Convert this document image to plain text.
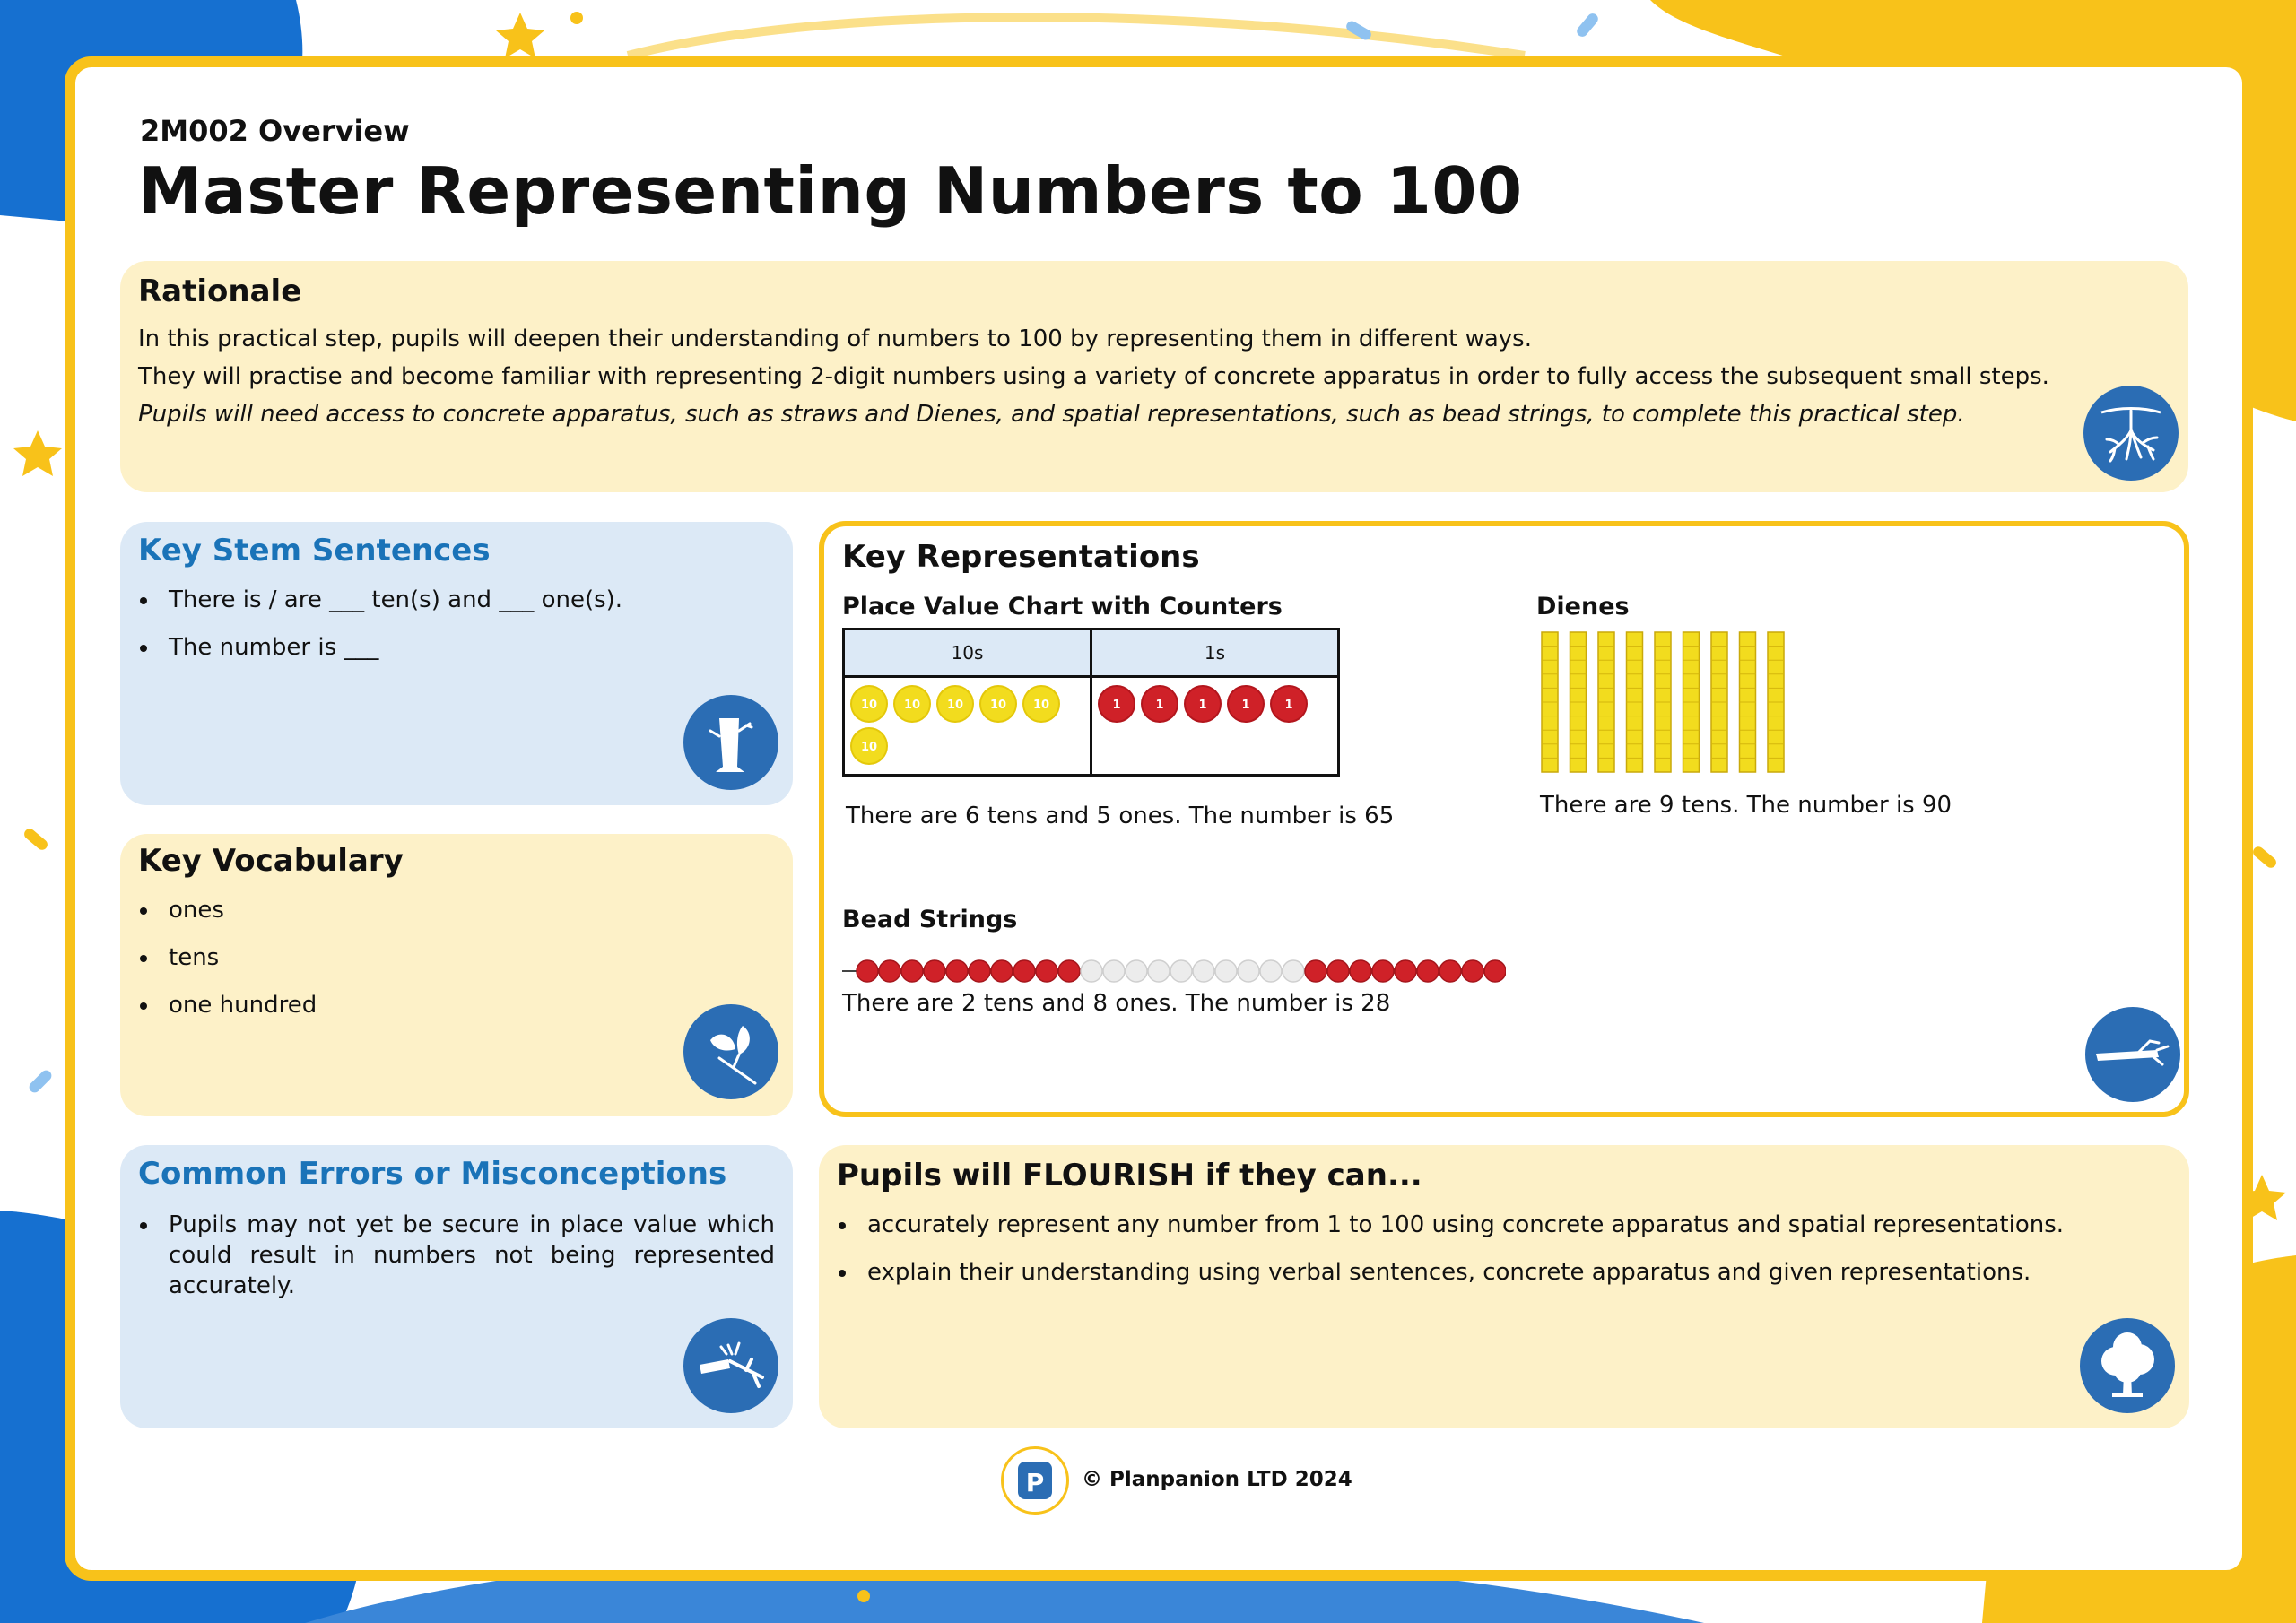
2M002 Overview
Master Representing Numbers to 100
Rationale
In this practical step, pupils will deepen their understanding of numbers to 100 by representing them in different ways.
They will practise and become familiar with representing 2-digit numbers using a variety of concrete apparatus in order to fully access the subsequent small steps.
Pupils will need access to concrete apparatus, such as straws and Dienes, and spatial representations, such as bead strings, to complete this practical step.
Key Stem Sentences
There is / are ___ ten(s) and ___ one(s).
The number is ___
Key Vocabulary
ones
tens
one hundred
Common Errors or Misconceptions
Pupils may not yet be secure in place value which could result in numbers not being represented accurately.
Key Representations
Place Value Chart with Counters
10s	1s

10 10 10 10 1010	1 1 1 1 1
There are 6 tens and 5 ones. The number is 65
Dienes
There are 9 tens. The number is 90
Bead Strings
There are 2 tens and 8 ones. The number is 28
Pupils will FLOURISH if they can...
accurately represent any number from 1 to 100 using concrete apparatus and spatial representations.
explain their understanding using verbal sentences, concrete apparatus and given representations.
P © Planpanion LTD 2024
